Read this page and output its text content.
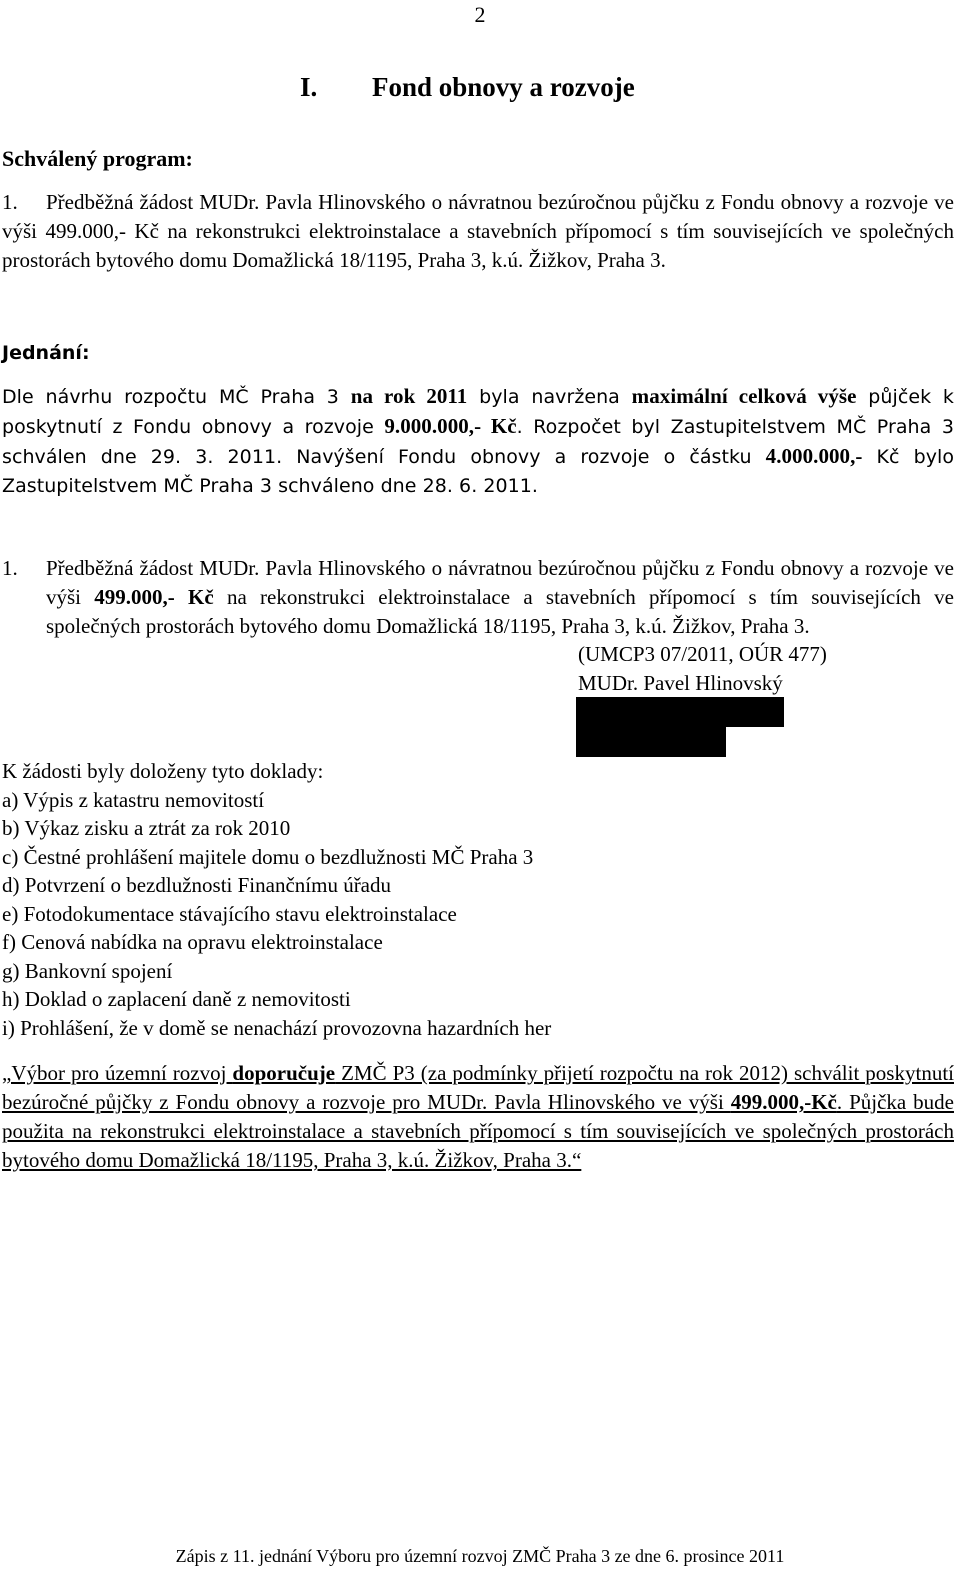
2
I. Fond obnovy a rozvoje
Schválený program:
1. Předběžná žádost MUDr. Pavla Hlinovského o návratnou bezúročnou půjčku z Fondu obnovy a rozvoje ve výši 499.000,- Kč na rekonstrukci elektroinstalace a stavebních přípomocí s tím souvisejících ve společných prostorách bytového domu Domažlická 18/1195, Praha 3, k.ú. Žižkov, Praha 3.
Jednání:
Dle návrhu rozpočtu MČ Praha 3 na rok 2011 byla navržena maximální celková výše půjček k poskytnutí z Fondu obnovy a rozvoje 9.000.000,- Kč. Rozpočet byl Zastupitelstvem MČ Praha 3 schválen dne 29. 3. 2011. Navýšení Fondu obnovy a rozvoje o částku 4.000.000,- Kč bylo Zastupitelstvem MČ Praha 3 schváleno dne 28. 6. 2011.
1. Předběžná žádost MUDr. Pavla Hlinovského o návratnou bezúročnou půjčku z Fondu obnovy a rozvoje ve výši 499.000,- Kč na rekonstrukci elektroinstalace a stavebních přípomocí s tím souvisejících ve společných prostorách bytového domu Domažlická 18/1195, Praha 3, k.ú. Žižkov, Praha 3.
(UMCP3 07/2011, OÚR 477)
MUDr. Pavel Hlinovský
K žádosti byly doloženy tyto doklady:
a) Výpis z katastru nemovitostí
b) Výkaz zisku a ztrát za rok 2010
c) Čestné prohlášení majitele domu o bezdlužnosti MČ Praha 3
d) Potvrzení o bezdlužnosti Finančnímu úřadu
e) Fotodokumentace stávajícího stavu elektroinstalace
f) Cenová nabídka na opravu elektroinstalace
g) Bankovní spojení
h) Doklad o zaplacení daně z nemovitosti
i) Prohlášení, že v domě se nenachází provozovna hazardních her
„Výbor pro územní rozvoj doporučuje ZMČ P3 (za podmínky přijetí rozpočtu na rok 2012) schválit poskytnutí bezúročné půjčky z Fondu obnovy a rozvoje pro MUDr. Pavla Hlinovského ve výši 499.000,-Kč. Půjčka bude použita na rekonstrukci elektroinstalace a stavebních přípomocí s tím souvisejících ve společných prostorách bytového domu Domažlická 18/1195, Praha 3, k.ú. Žižkov, Praha 3.“
Zápis z 11. jednání Výboru pro územní rozvoj ZMČ Praha 3 ze dne 6. prosince 2011
